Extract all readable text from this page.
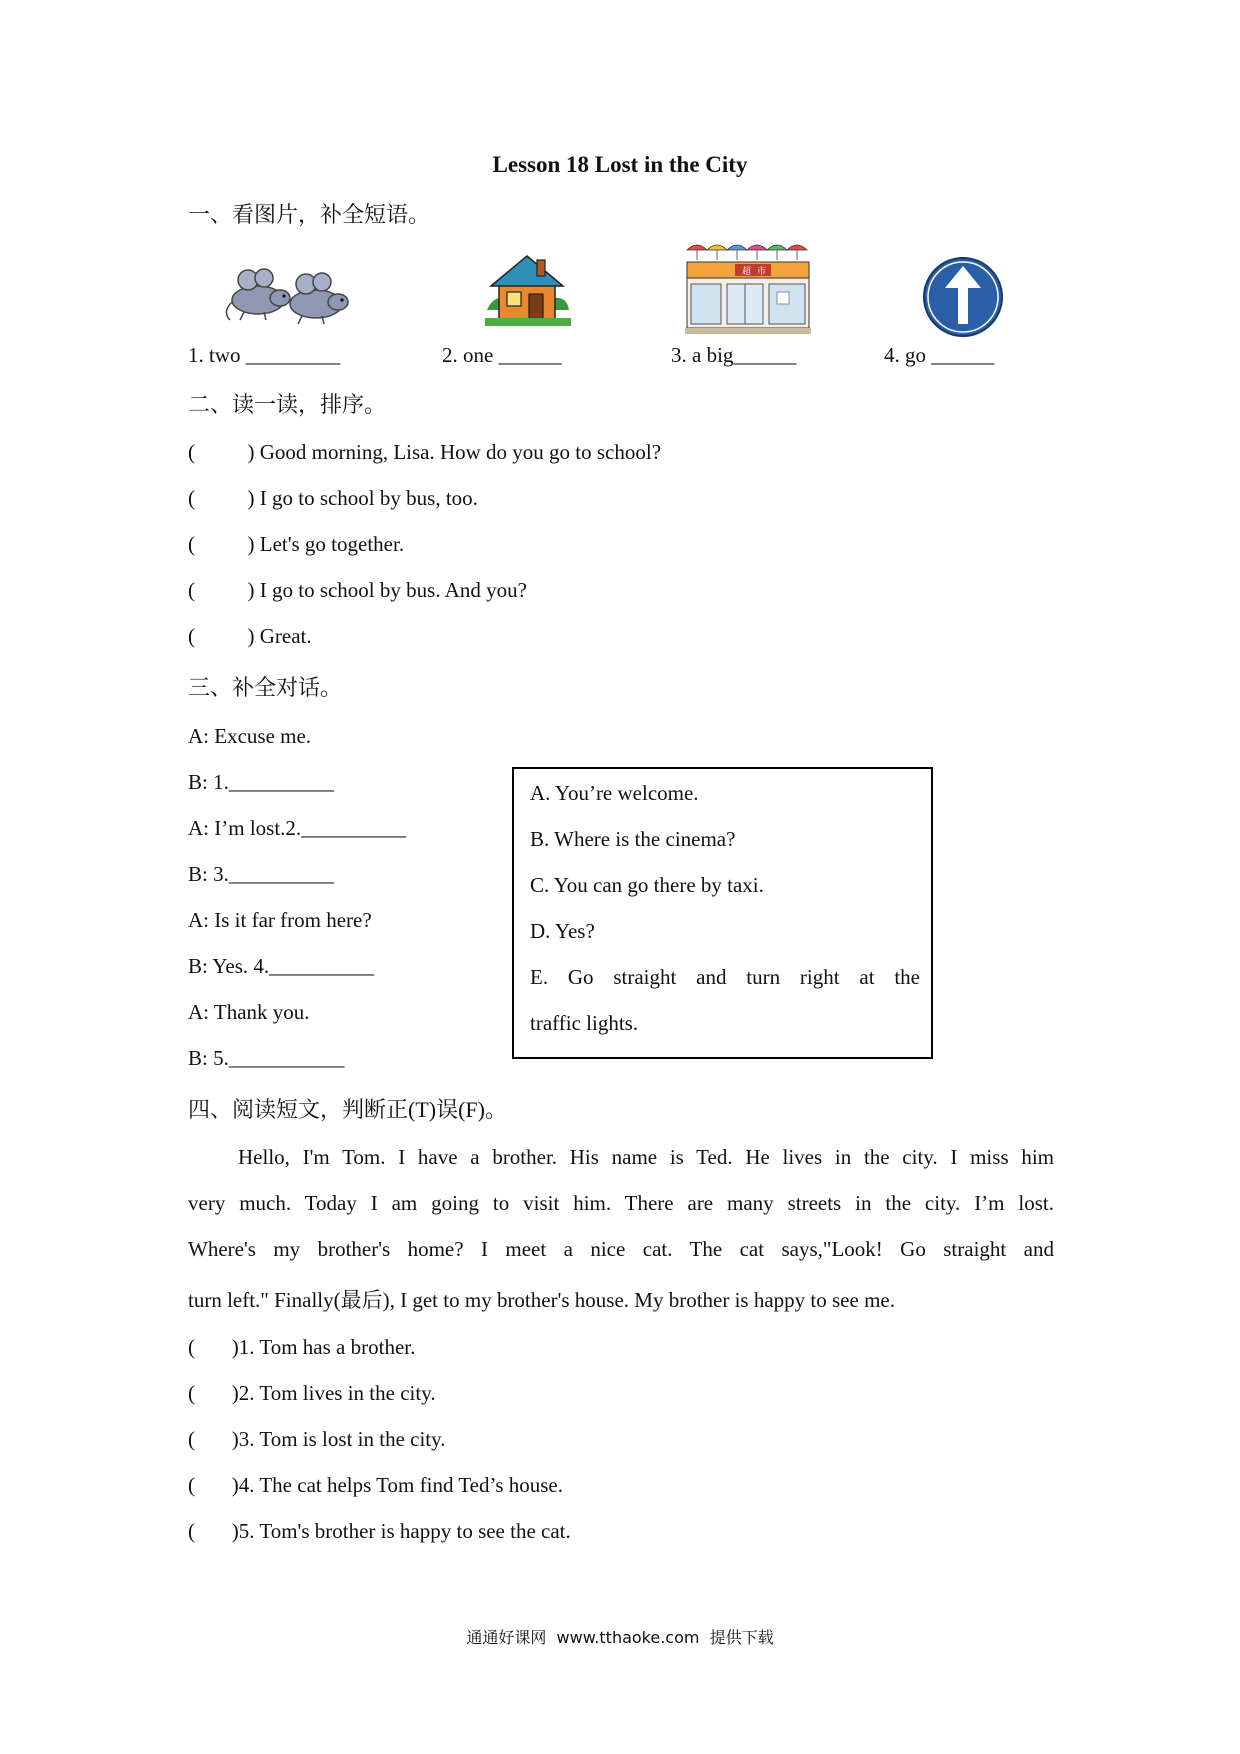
Lesson 18 Lost in the City
一、看图片，补全短语。
超 市
1. two _________	2. one ______	3. a big______	4. go ______
二、读一读，排序。
(          ) Good morning, Lisa. How do you go to school?
(          ) I go to school by bus, too.
(          ) Let's go together.
(          ) I go to school by bus. And you?
(          ) Great.
三、补全对话。
A: Excuse me.
B: 1.__________
A: I’m lost.2.__________
B: 3.__________
A: Is it far from here?
B: Yes. 4.__________
A: Thank you.
B: 5.___________
A. You’re welcome.
B. Where is the cinema?
C. You can go there by taxi.
D. Yes?
E. Go straight and turn right at the
traffic lights.
四、阅读短文，判断正(T)误(F)。
Hello, I'm Tom. I have a brother. His name is Ted. He lives in the city. I miss him
very much. Today I am going to visit him. There are many streets in the city. I’m lost.
Where's my brother's home? I meet a nice cat. The cat says,"Look! Go straight and
turn left." Finally(最后), I get to my brother's house. My brother is happy to see me.
(       )1. Tom has a brother.
(       )2. Tom lives in the city.
(       )3. Tom is lost in the city.
(       )4. The cat helps Tom find Ted’s house.
(       )5. Tom's brother is happy to see the cat.
通通好课网  www.tthaoke.com  提供下载
